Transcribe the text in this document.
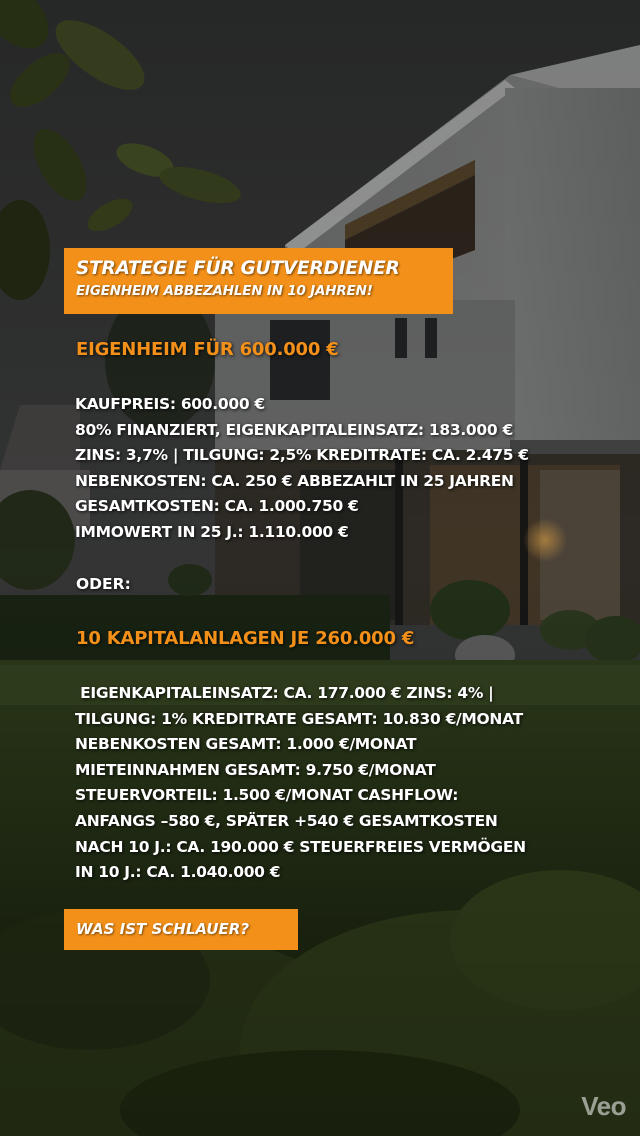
STRATEGIE FÜR GUTVERDIENER
EIGENHEIM ABBEZAHLEN IN 10 JAHREN!
EIGENHEIM FÜR 600.000 €
KAUFPREIS: 600.000 €
80% FINANZIERT, EIGENKAPITALEINSATZ: 183.000 €
ZINS: 3,7% | TILGUNG: 2,5% KREDITRATE: CA. 2.475 €
NEBENKOSTEN: CA. 250 € ABBEZAHLT IN 25 JAHREN
GESAMTKOSTEN: CA. 1.000.750 €
IMMOWERT IN 25 J.: 1.110.000 €
ODER:
10 KAPITALANLAGEN JE 260.000 €
EIGENKAPITALEINSATZ: CA. 177.000 € ZINS: 4% |
TILGUNG: 1% KREDITRATE GESAMT: 10.830 €/MONAT
NEBENKOSTEN GESAMT: 1.000 €/MONAT
MIETEINNAHMEN GESAMT: 9.750 €/MONAT
STEUERVORTEIL: 1.500 €/MONAT CASHFLOW:
ANFANGS –580 €, SPÄTER +540 € GESAMTKOSTEN
NACH 10 J.: CA. 190.000 € STEUERFREIES VERMÖGEN
IN 10 J.: CA. 1.040.000 €
WAS IST SCHLAUER?
Veo
